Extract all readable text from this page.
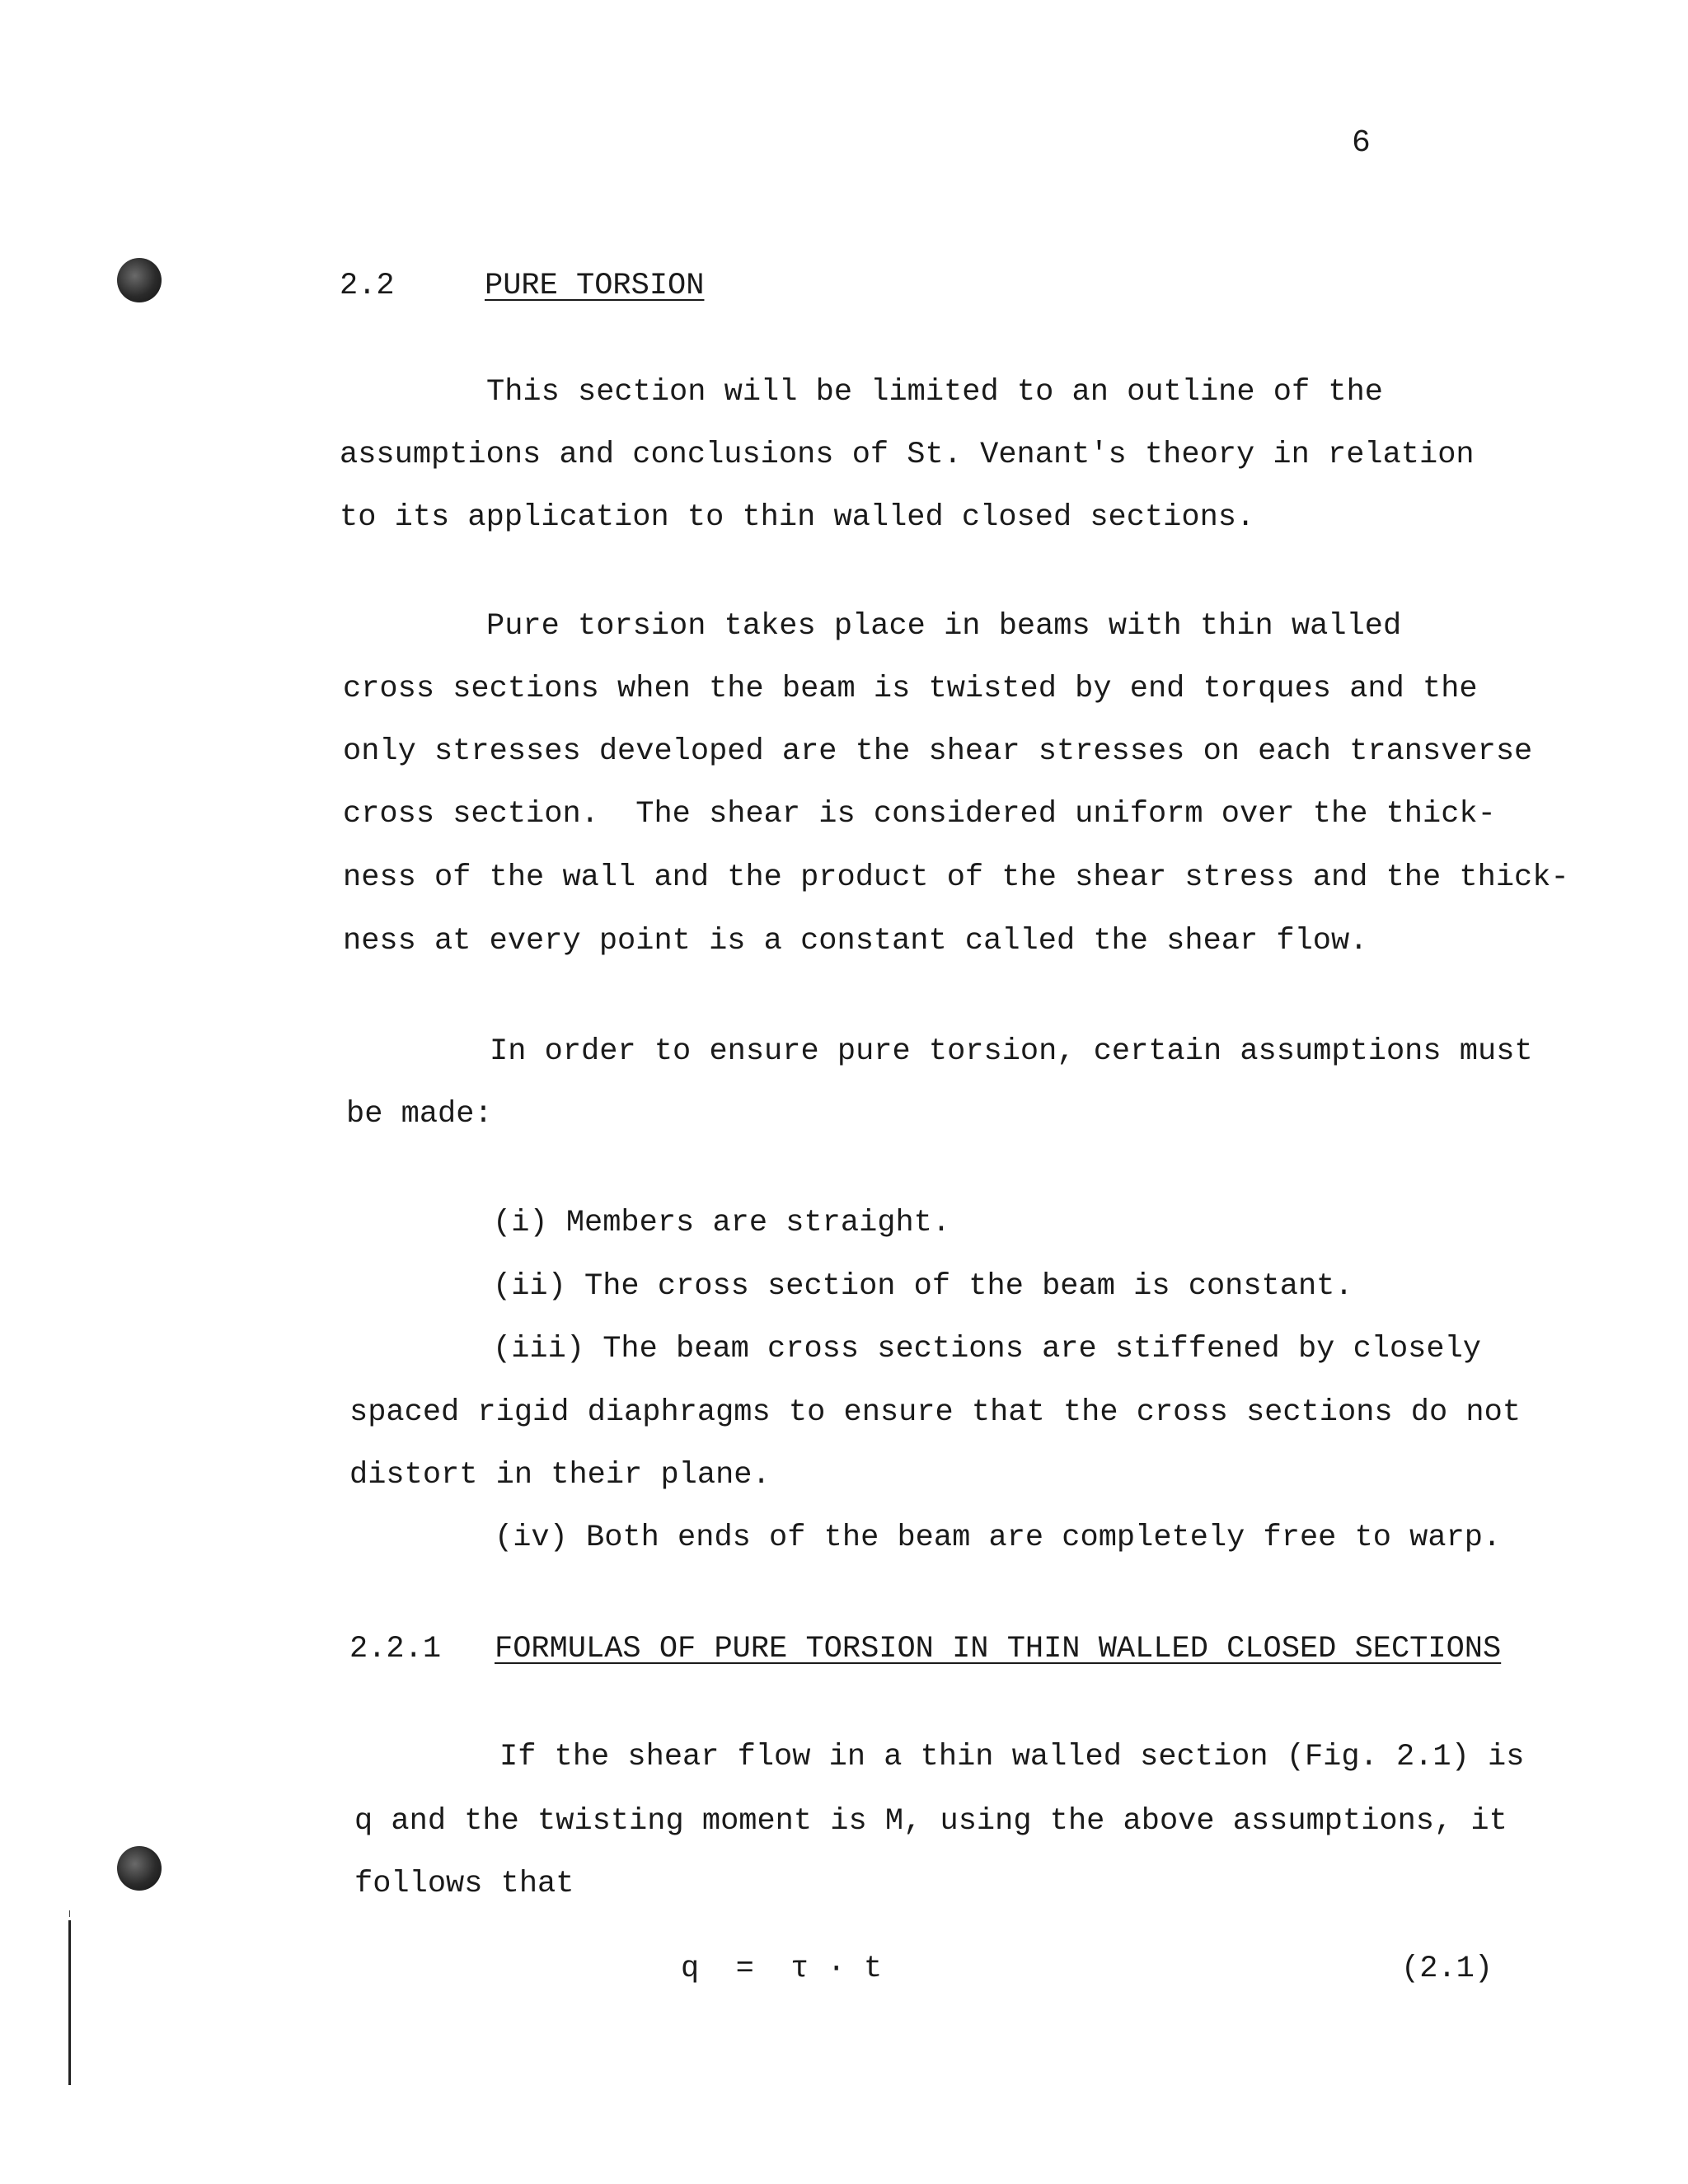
6
2.2	PURE TORSION
This section will be limited to an outline of the
assumptions and conclusions of St. Venant's theory in relation
to its application to thin walled closed sections.
Pure torsion takes place in beams with thin walled
cross sections when the beam is twisted by end torques and the
only stresses developed are the shear stresses on each transverse
cross section.  The shear is considered uniform over the thick-
ness of the wall and the product of the shear stress and the thick-
ness at every point is a constant called the shear flow.
In order to ensure pure torsion, certain assumptions must
be made:
(i) Members are straight.
(ii) The cross section of the beam is constant.
(iii) The beam cross sections are stiffened by closely
spaced rigid diaphragms to ensure that the cross sections do not
distort in their plane.
(iv) Both ends of the beam are completely free to warp.
2.2.1 FORMULAS OF PURE TORSION IN THIN WALLED CLOSED SECTIONS
If the shear flow in a thin walled section (Fig. 2.1) is
q and the twisting moment is M, using the above assumptions, it
follows that
q  =  τ · t	(2.1)
